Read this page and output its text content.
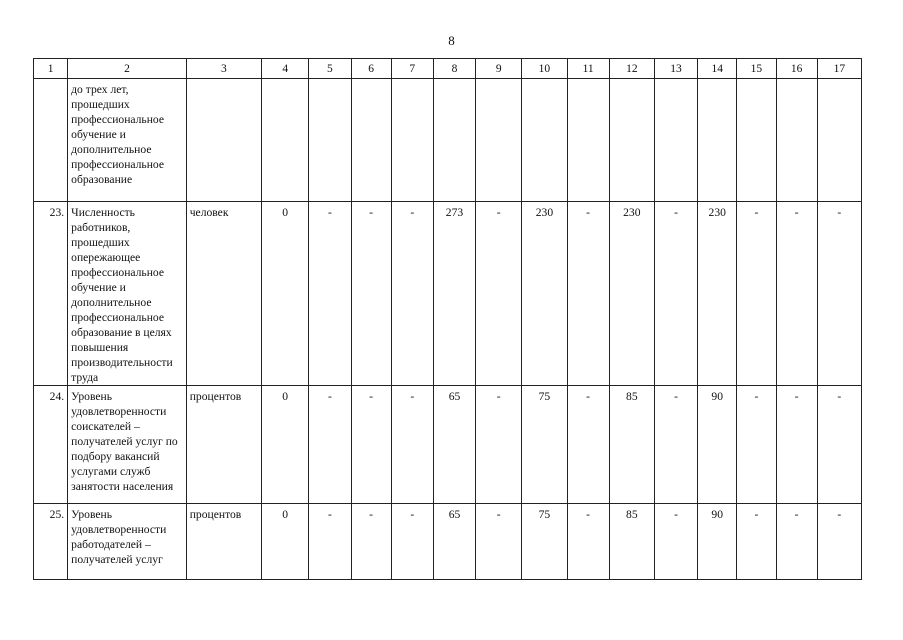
8
1	2	3	4	5	6	7	8	9	10	11	12	13	14	15	16	17
	до трех лет, прошедших профессиональное обучение и дополнительное профессиональное образование															
23.	Численность работников, прошедших опережающее профессиональное обучение и дополнительное профессиональное образование в целях повышения производительности труда	человек	0	-	-	-	273	-	230	-	230	-	230	-	-	-
24.	Уровень удовлетворенности соискателей – получателей услуг по подбору вакансий услугами служб занятости населения	процентов	0	-	-	-	65	-	75	-	85	-	90	-	-	-
25.	Уровень удовлетворенности работодателей – получателей услуг	процентов	0	-	-	-	65	-	75	-	85	-	90	-	-	-
